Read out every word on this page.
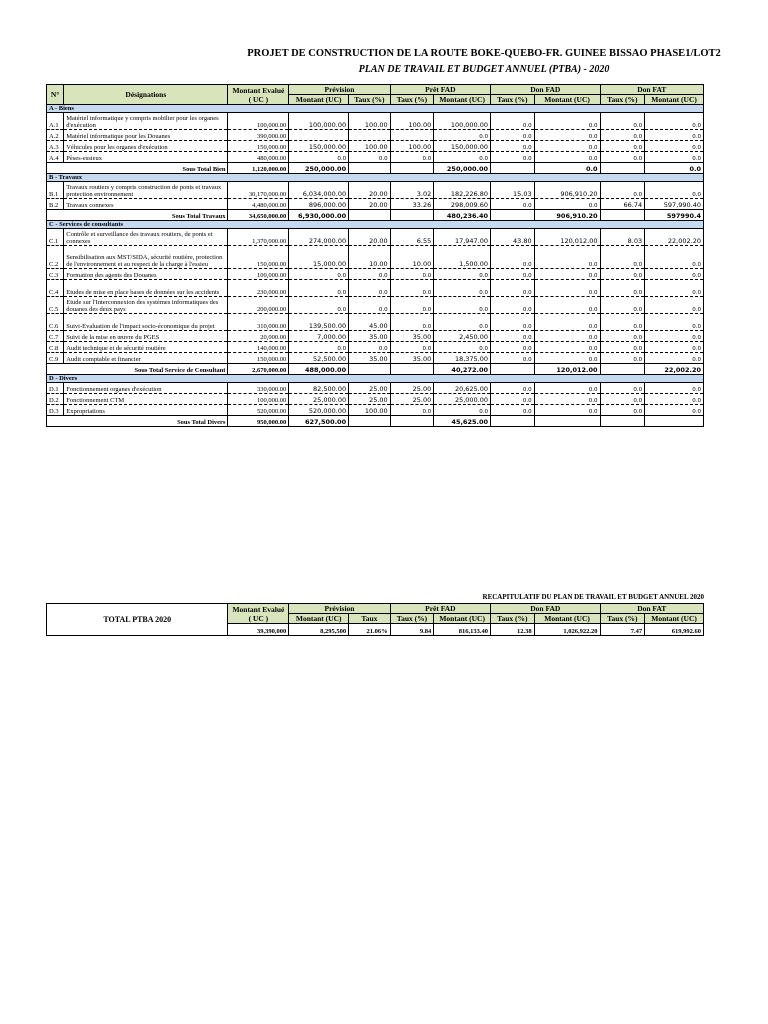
PROJET DE CONSTRUCTION DE LA ROUTE BOKE-QUEBO-FR. GUINEE BISSAO PHASE1/LOT2
PLAN DE TRAVAIL ET BUDGET ANNUEL (PTBA) - 2020
N°	Désignations	Montant Evalué ( UC )	Prévision		Prêt FAD		Don FAD		Don FAT	
			Montant (UC)	Taux (%)	Taux (%)	Montant (UC)	Taux (%)	Montant (UC)	Taux (%)	Montant (UC)
A - Biens										
A.1	Matériel informatique y compris mobilier pour les organes d'exécution	100,000.00	100,000.00	100.00	100.00	100,000.00	0.0	0.0	0.0	0.0
A.2	Matériel informatique pour les Douanes	390,000.00				0.0	0.0	0.0	0.0	0.0
A.3	Véhicules pour les organes d'exécution	150,000.00	150,000.00	100.00	100.00	150,000.00	0.0	0.0	0.0	0.0
A.4	Pèses-essieux	480,000.00	0.0	0.0	0.0	0.0	0.0	0.0	0.0	0.0
Sous Total Bien		1,120,000.00	250,000.00			250,000.00		0.0		0.0
B - Travaux										
B.1	Travaux routiers y compris construction de ponts et travaux protection environnement	30,170,000.00	6,034,000.00	20.00	3.02	182,226.80	15.03	906,910.20	0.0	0.0
B.2	Travaux connexes	4,480,000.00	896,000.00	20.00	33.26	298,009.60	0.0	0.0	66.74	597,990.40
Sous Total Travaux		34,650,000.00	6,930,000.00			480,236.40		906,910.20		597990.4
C - Services de consultants										
C.1	Contrôle et surveillance des travaux routiers, de ponts et connexes	1,370,000.00	274,000.00	20.00	6.55	17,947.00	43.80	120,012.00	8.03	22,002.20
C.2	Sensibilisation aux MST/SIDA, sécurité routière, protection de l'environnement et au respect de la charge à l'essieu	150,000.00	15,000.00	10.00	10.00	1,500.00	0.0	0.0	0.0	0.0
C.3	Formation des agents des Douanes	100,000.00	0.0	0.0	0.0	0.0	0.0	0.0	0.0	0.0
C.4	Etudes de mise en place bases de données sur les accidents	230,000.00	0.0	0.0	0.0	0.0	0.0	0.0	0.0	0.0
C.5	Etude sur l'Interconnexion des systèmes informatiques des douanes des deux pays	200,000.00	0.0	0.0	0.0	0.0	0.0	0.0	0.0	0.0
C.6	Suivi-Evaluation de l'impact socio-économique du projet	310,000.00	139,500.00	45.00	0.0	0.0	0.0	0.0	0.0	0.0
C.7	Suivi de la mise en œuvre du PGES	20,000.00	7,000.00	35.00	35.00	2,450.00	0.0	0.0	0.0	0.0
C.8	Audit technique et de sécurité routière	140,000.00	0.0	0.0	0.0	0.0	0.0	0.0	0.0	0.0
C.9	Audit comptable et financier	150,000.00	52,500.00	35.00	35.00	18,375.00	0.0	0.0	0.0	0.0
Sous Total Service de Consultant		2,670,000.00	488,000.00			40,272.00		120,012.00		22,002.20
D - Divers										
D.1	Fonctionnement organes d'exécution	330,000.00	82,500.00	25.00	25.00	20,625.00	0.0	0.0	0.0	0.0
D.2	Fonctionnement CTM	100,000.00	25,000.00	25.00	25.00	25,000.00	0.0	0.0	0.0	0.0
D.3	Expropriations	520,000.00	520,000.00	100.00	0.0	0.0	0.0	0.0	0.0	0.0
Sous Total Divers		950,000.00	627,500.00			45,625.00				
RECAPITULATIF DU PLAN DE TRAVAIL ET BUDGET ANNUEL 2020
TOTAL PTBA 2020	Montant Evalué ( UC )	Prévision		Prêt FAD		Don FAD		Don FAT	
		Montant (UC)	Taux	Taux (%)	Montant (UC)	Taux (%)	Montant (UC)	Taux (%)	Montant (UC)
	39,390,000	8,295,500	21.06%	9.84	816,133.40	12.38	1,026,922.20	7.47	619,992.60
